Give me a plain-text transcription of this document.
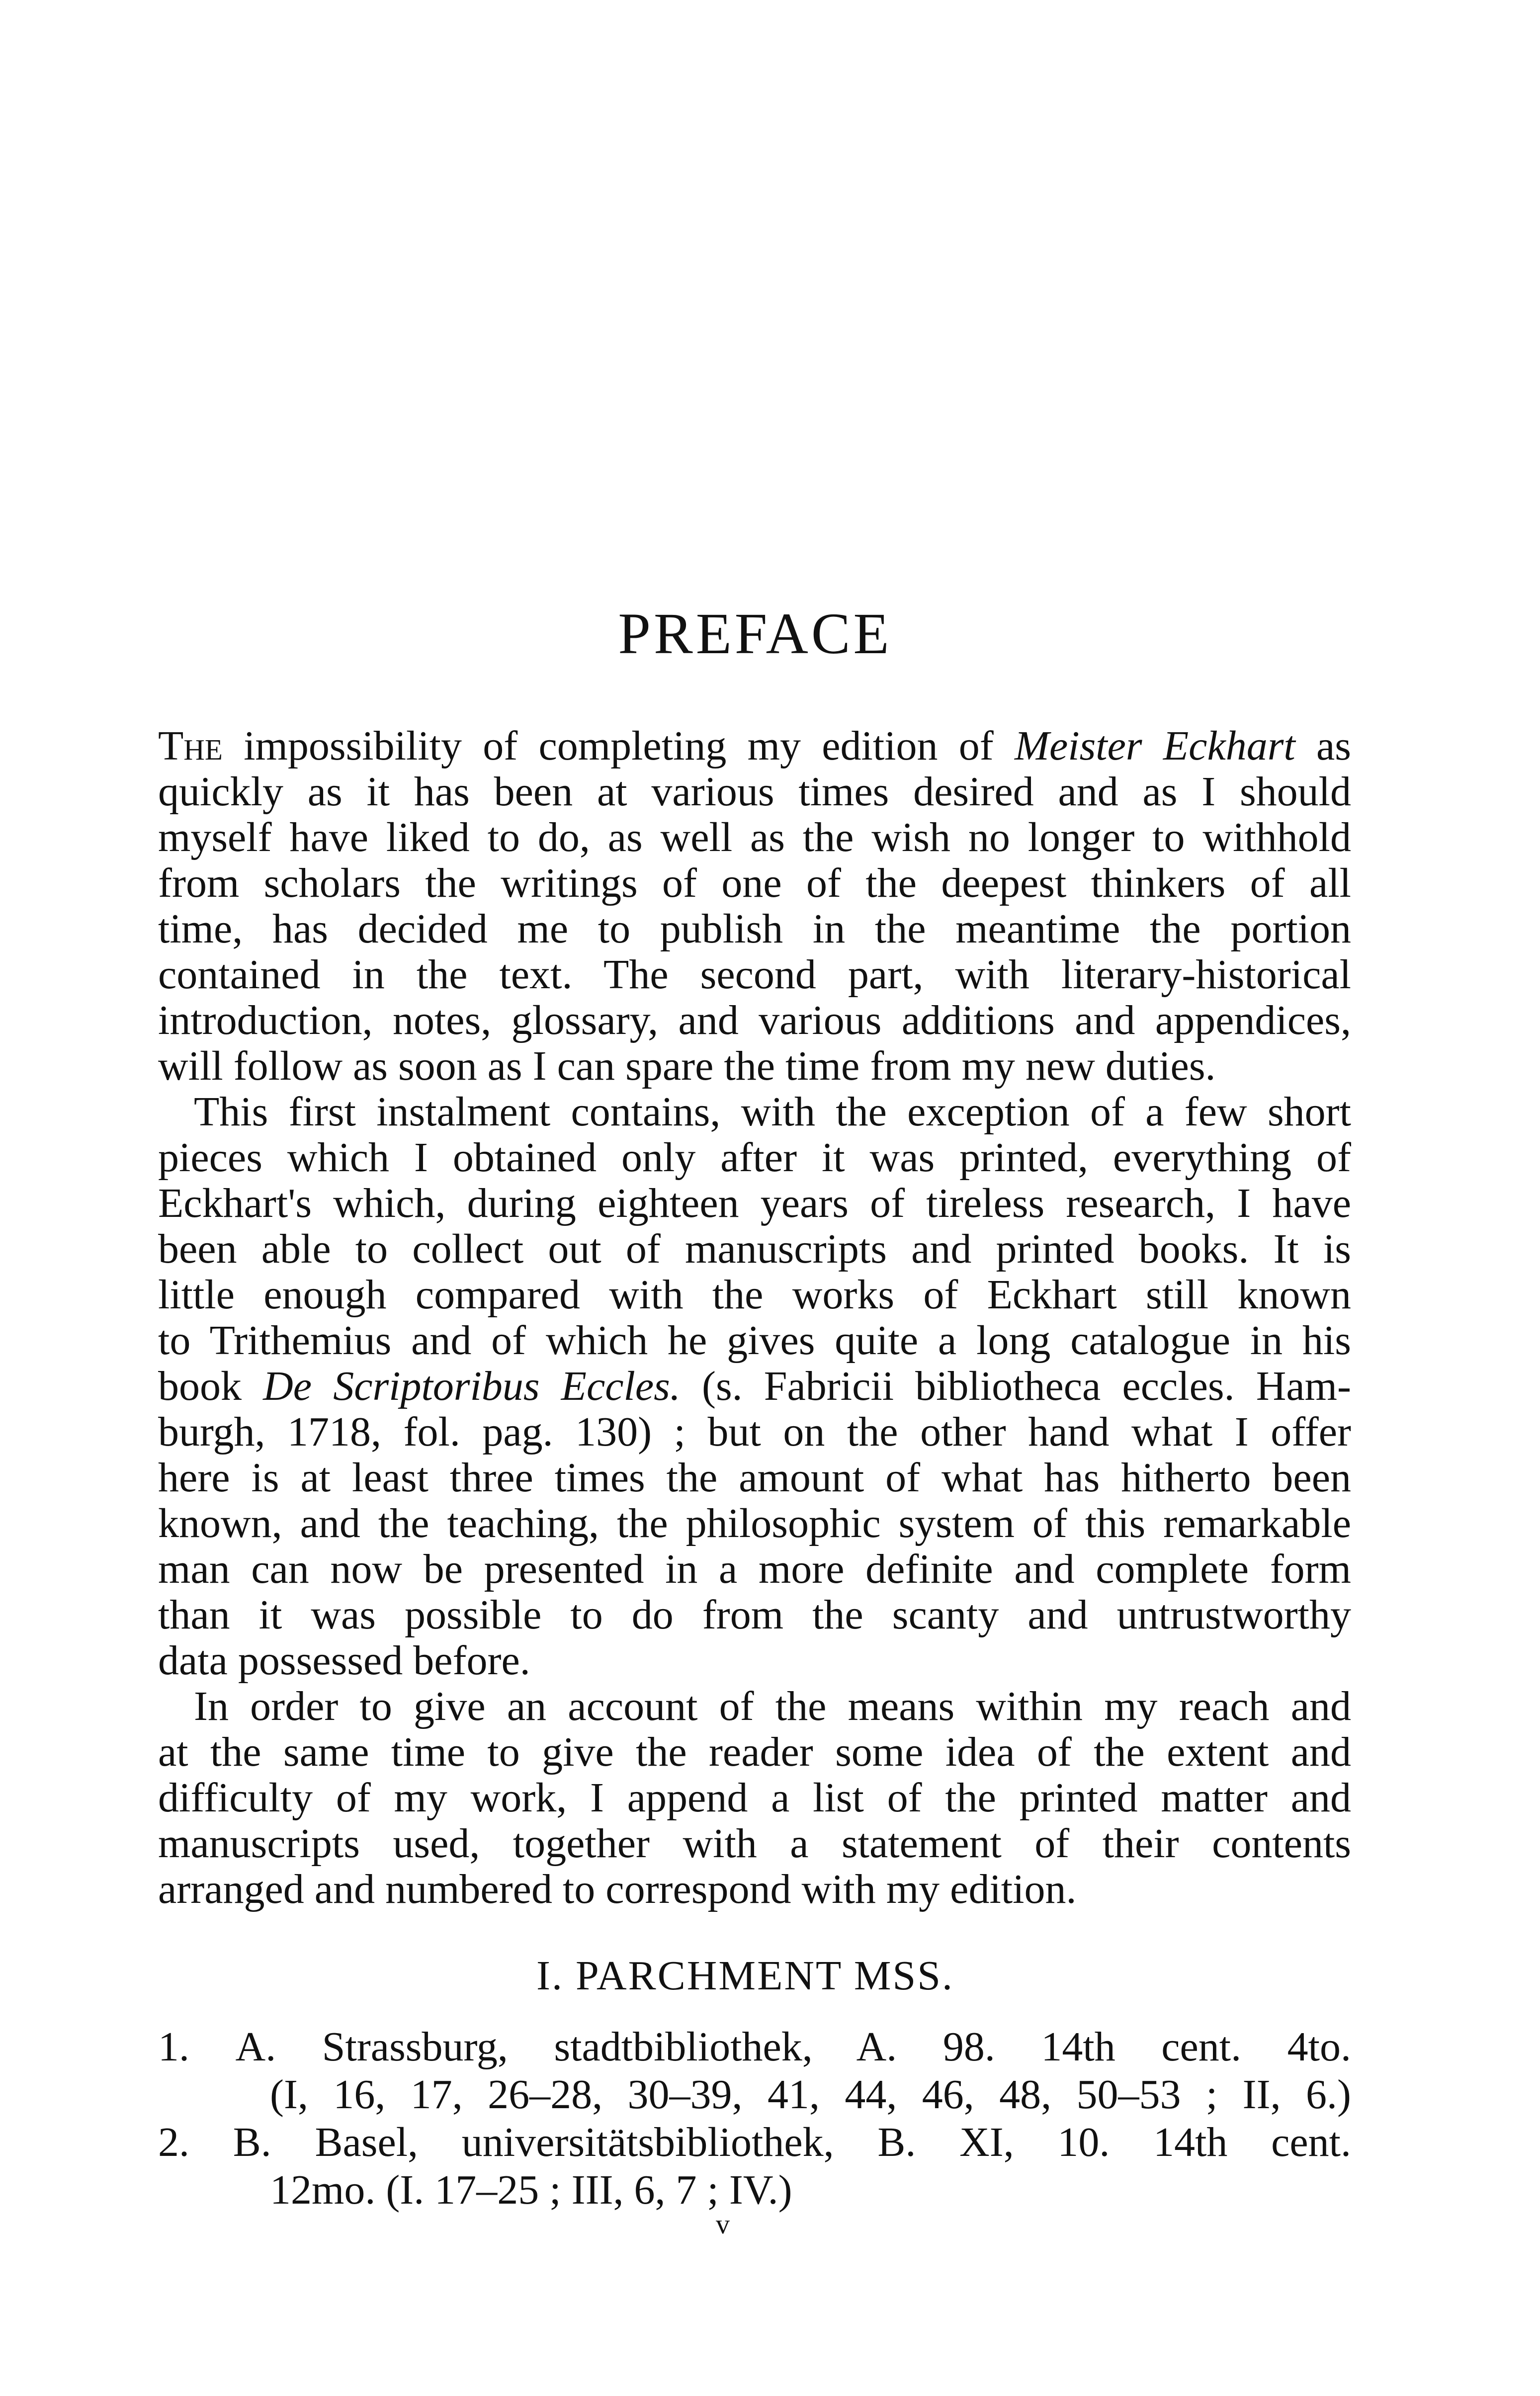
PREFACE
The impossibility of completing my edition of Meister Eckhart as
quickly as it has been at various times desired and as I should
myself have liked to do, as well as the wish no longer to withhold
from scholars the writings of one of the deepest thinkers of all
time, has decided me to publish in the meantime the portion
contained in the text. The second part, with literary-historical
introduction, notes, glossary, and various additions and appendices,
will follow as soon as I can spare the time from my new duties.
This first instalment contains, with the exception of a few short
pieces which I obtained only after it was printed, everything of
Eckhart's which, during eighteen years of tireless research, I have
been able to collect out of manuscripts and printed books. It is
little enough compared with the works of Eckhart still known
to Trithemius and of which he gives quite a long catalogue in his
book De Scriptoribus Eccles. (s. Fabricii bibliotheca eccles. Ham-
burgh, 1718, fol. pag. 130) ; but on the other hand what I offer
here is at least three times the amount of what has hitherto been
known, and the teaching, the philosophic system of this remarkable
man can now be presented in a more definite and complete form
than it was possible to do from the scanty and untrustworthy
data possessed before.
In order to give an account of the means within my reach and
at the same time to give the reader some idea of the extent and
difficulty of my work, I append a list of the printed matter and
manuscripts used, together with a statement of their contents
arranged and numbered to correspond with my edition.
I. PARCHMENT MSS.
1. A. Strassburg, stadtbibliothek, A. 98. 14th cent. 4to.
(I, 16, 17, 26–28, 30–39, 41, 44, 46, 48, 50–53 ; II, 6.)
2. B. Basel, universitätsbibliothek, B. XI, 10. 14th cent.
12mo. (I. 17–25 ; III, 6, 7 ; IV.)
v
